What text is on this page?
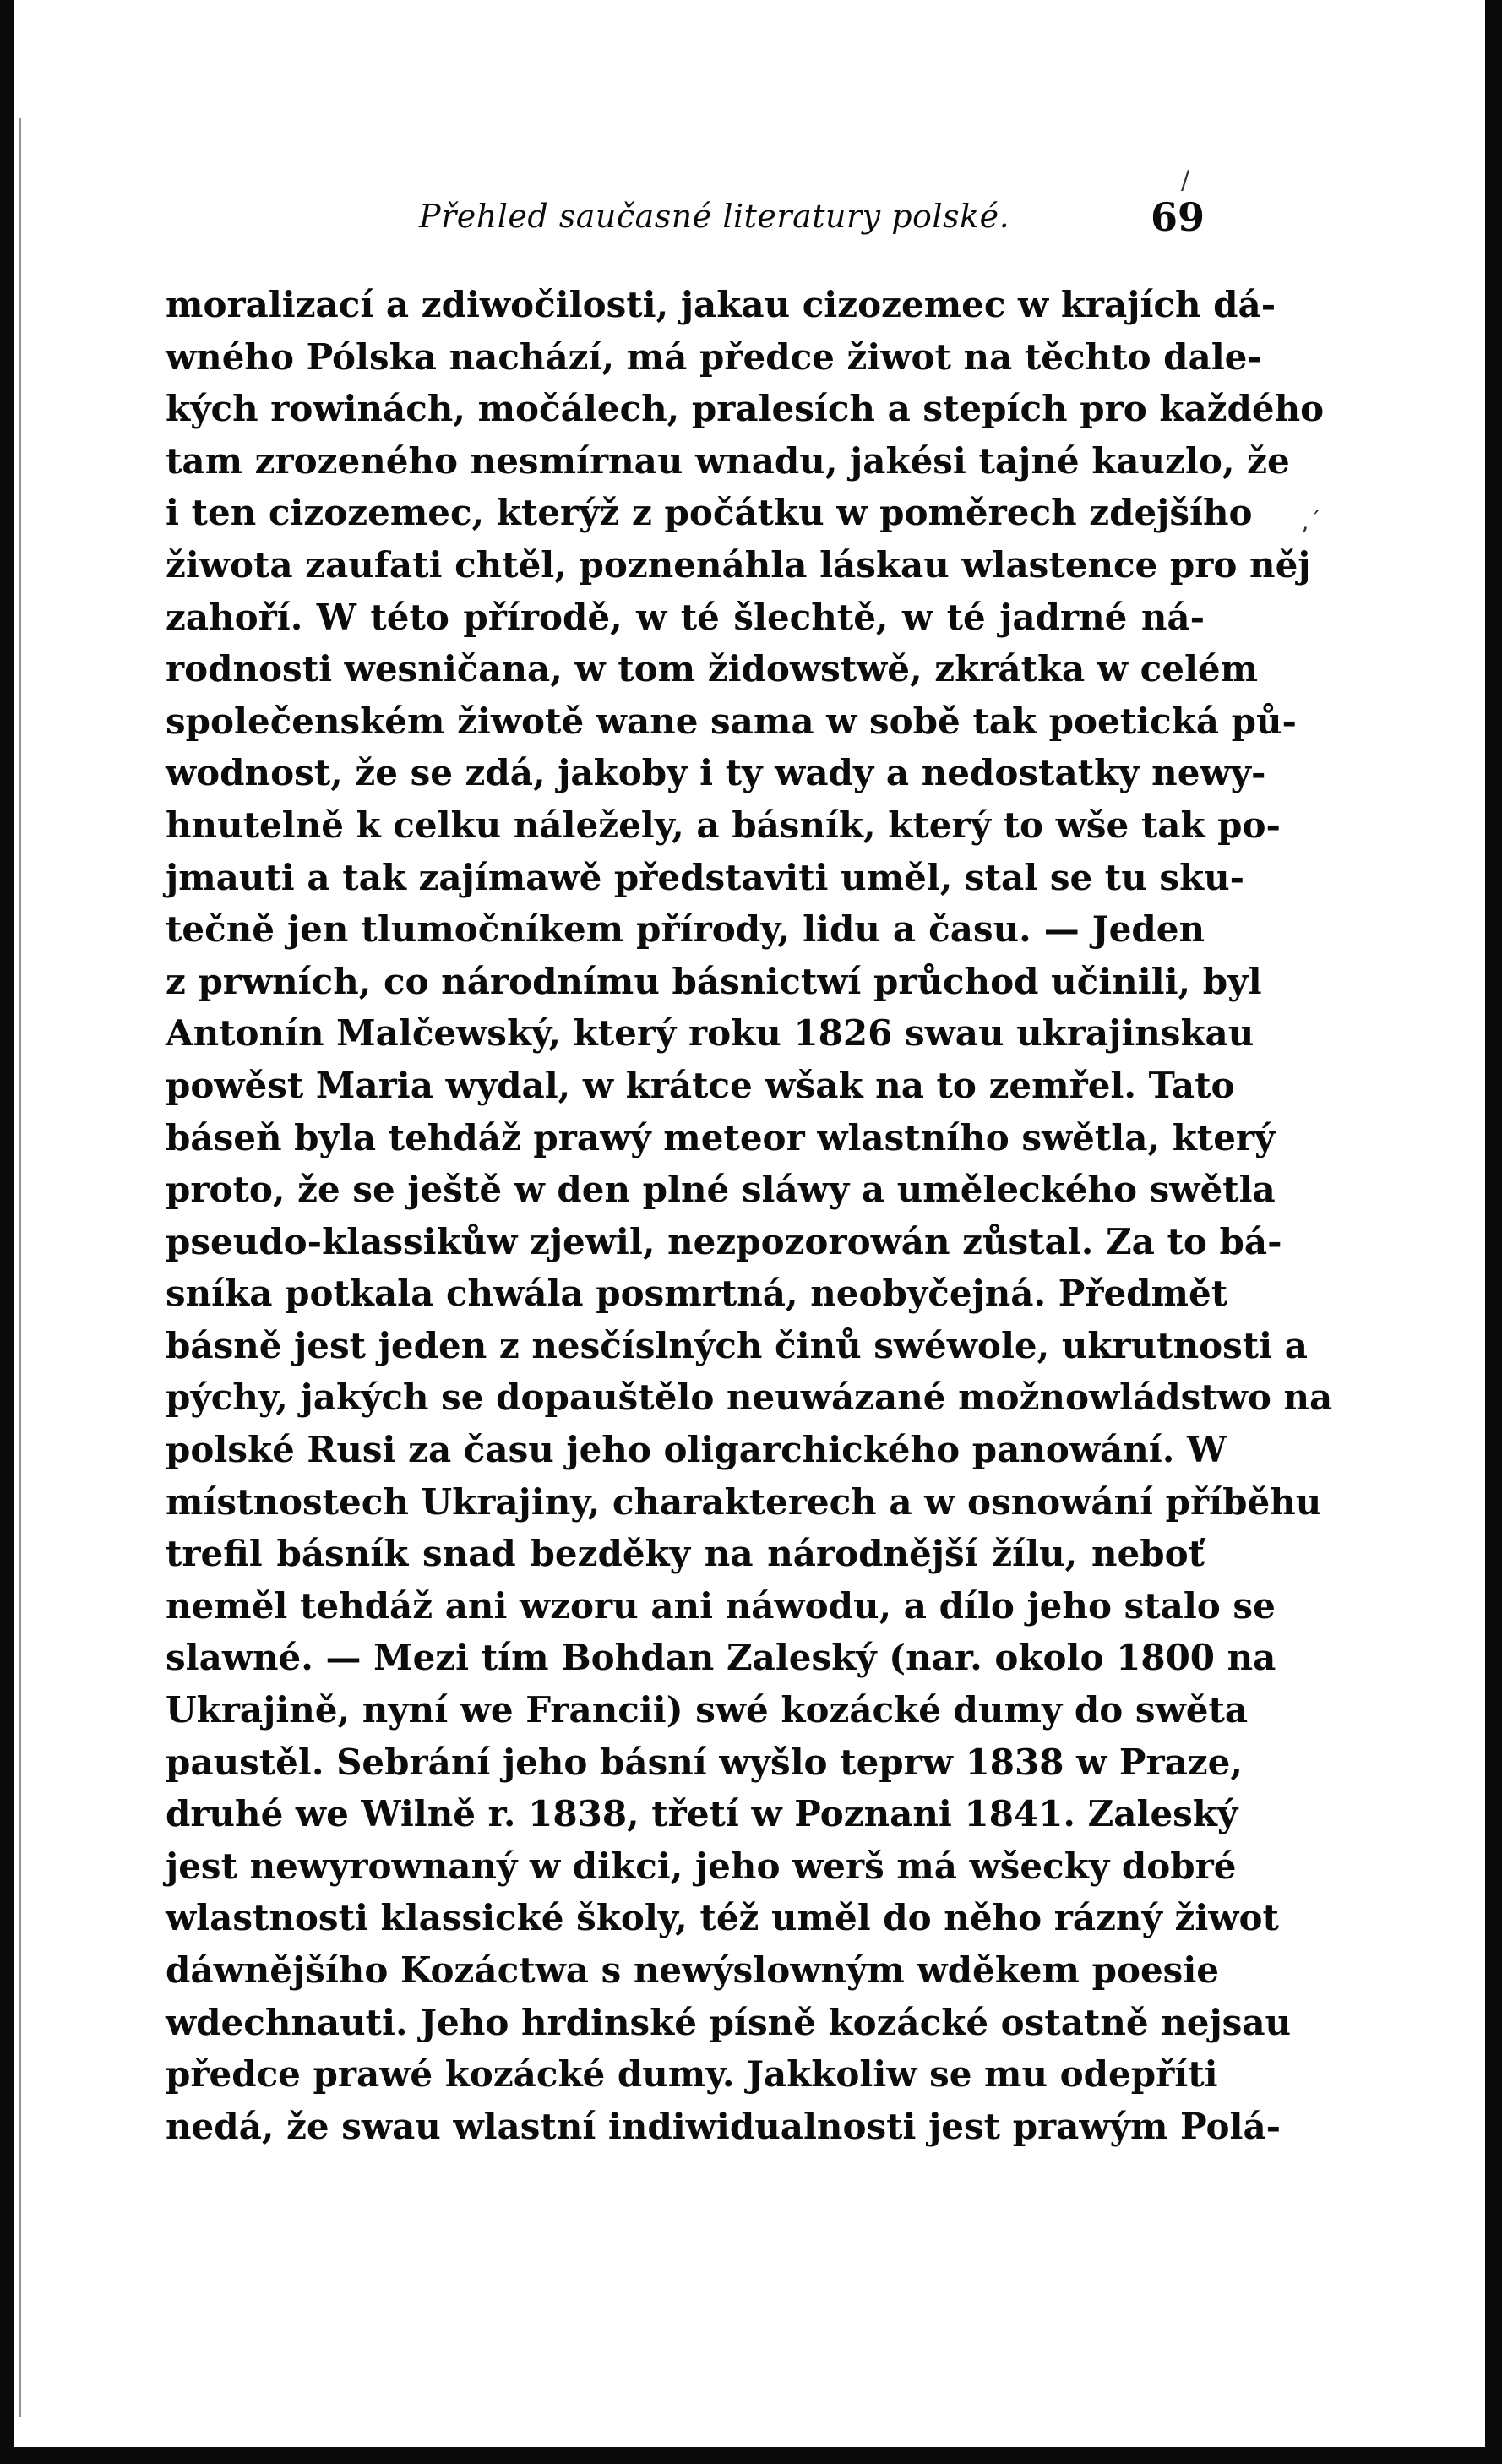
Přehled saučasné literatury polské.	69
‚´
/
moralizací a zdiwočilosti, jakau cizozemec w krajích dá-
wného Pólska nachází, má předce žiwot na těchto dale-
kých rowinách, močálech, pralesích a stepích pro každého
tam zrozeného nesmírnau wnadu, jakési tajné kauzlo, že
i ten cizozemec, kterýž z počátku w poměrech zdejšího
žiwota zaufati chtěl, poznenáhla láskau wlastence pro něj
zahoří. W této přírodě, w té šlechtě, w té jadrné ná-
rodnosti wesničana, w tom židowstwě, zkrátka w celém
společenském žiwotě wane sama w sobě tak poetická pů-
wodnost, že se zdá, jakoby i ty wady a nedostatky newy-
hnutelně k celku náležely, a básník, který to wše tak po-
jmauti a tak zajímawě představiti uměl, stal se tu sku-
tečně jen tlumočníkem přírody, lidu a času. — Jeden
z prwních, co národnímu básnictwí průchod učinili, byl
Antonín Malčewský, který roku 1826 swau ukrajinskau
powěst Maria wydal, w krátce wšak na to zemřel. Tato
báseň byla tehdáž prawý meteor wlastního swětla, který
proto, že se ještě w den plné sláwy a uměleckého swětla
pseudo-klassikůw zjewil, nezpozorowán zůstal. Za to bá-
sníka potkala chwála posmrtná, neobyčejná. Předmět
básně jest jeden z nesčíslných činů swéwole, ukrutnosti a
pýchy, jakých se dopauštělo neuwázané možnowládstwo na
polské Rusi za času jeho oligarchického panowání. W
místnostech Ukrajiny, charakterech a w osnowání příběhu
trefil básník snad bezděky na národnější žílu, neboť
neměl tehdáž ani wzoru ani náwodu, a dílo jeho stalo se
slawné. — Mezi tím Bohdan Zaleský (nar. okolo 1800 na
Ukrajině, nyní we Francii) swé kozácké dumy do swěta
paustěl. Sebrání jeho básní wyšlo teprw 1838 w Praze,
druhé we Wilně r. 1838, třetí w Poznani 1841. Zaleský
jest newyrownaný w dikci, jeho werš má wšecky dobré
wlastnosti klassické školy, též uměl do něho rázný žiwot
dáwnějšího Kozáctwa s newýslowným wděkem poesie
wdechnauti. Jeho hrdinské písně kozácké ostatně nejsau
předce prawé kozácké dumy. Jakkoliw se mu odepříti
nedá, že swau wlastní indiwidualnosti jest prawým Polá-
